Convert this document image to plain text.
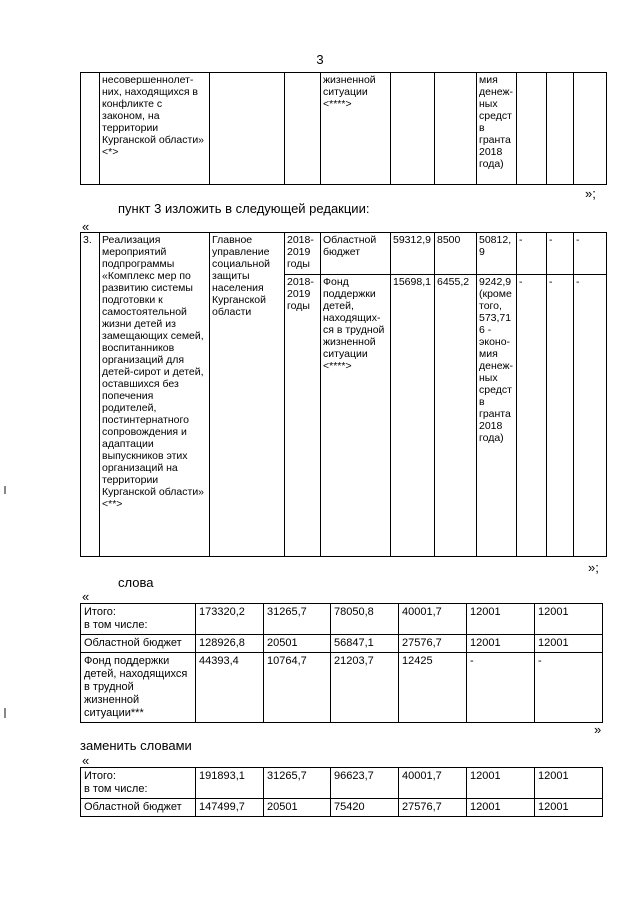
3
	несовершеннолет- них, находящихся в конфликте с законом, на территории Курганской области» <*>			жизненной ситуации <****>			мия денеж-ных средст в гранта 2018 года)			
»;
пункт 3 изложить в следующей редакции:
«
3.	Реализация мероприятий подпрограммы «Комплекс мер по развитию системы подготовки к самостоятельной жизни детей из замещающих семей, воспитанников организаций для детей-сирот и детей, оставшихся без попечения родителей, постинтернатного сопровождения и адаптации выпускников этих организаций на территории Курганской области» <**>	Главное управление социальной защиты населения Курганской области	2018-2019 годы	Областной бюджет	59312,9	8500	50812,9	-	-	-
			2018-2019 годы	Фонд поддержки детей, находящих-ся в трудной жизненной ситуации <****>	15698,1	6455,2	9242,9 (кроме того, 573,716 - эконо-мия денеж-ных средст в гранта 2018 года)	-	-	-
»;
слова
«
Итого:
в том числе:	173320,2	31265,7	78050,8	40001,7	12001	12001
Областной бюджет	128926,8	20501	56847,1	27576,7	12001	12001
Фонд поддержки детей, находящихся в трудной жизненной ситуации***	44393,4	10764,7	21203,7	12425	-	-
»
заменить словами
«
Итого:
в том числе:	191893,1	31265,7	96623,7	40001,7	12001	12001
Областной бюджет	147499,7	20501	75420	27576,7	12001	12001
